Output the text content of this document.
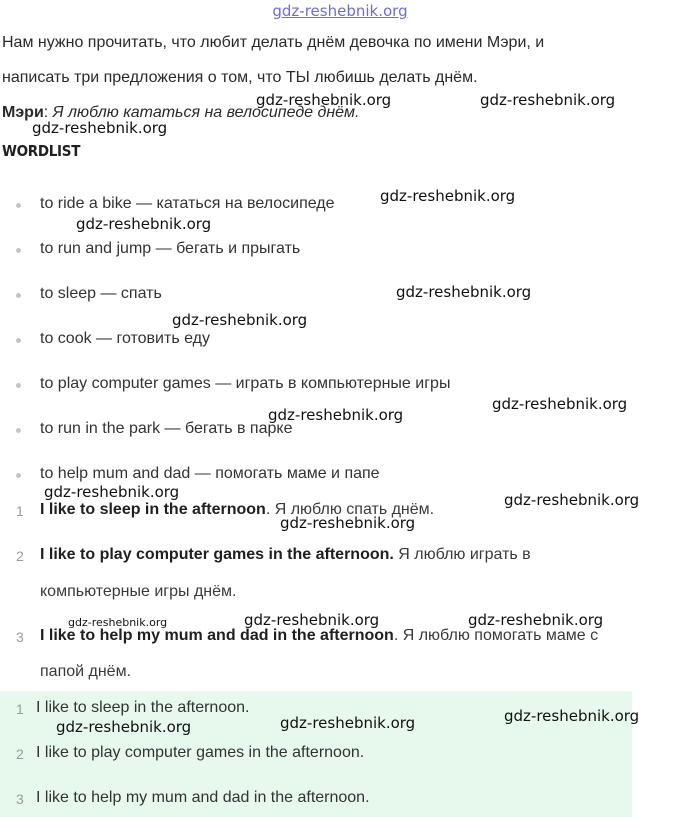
gdz-reshebnik.org
Нам нужно прочитать, что любит делать днём девочка по имени Мэри, и
написать три предложения о том, что ТЫ любишь делать днём.
Мэри: Я люблю кататься на велосипеде днём.
WORDLIST
to ride a bike — кататься на велосипеде
to run and jump — бегать и прыгать
to sleep — спать
to cook — готовить еду
to play computer games — играть в компьютерные игры
to run in the park — бегать в парке
to help mum and dad — помогать маме и папе
1 I like to sleep in the afternoon. Я люблю спать днём.
2 I like to play computer games in the afternoon. Я люблю играть в
компьютерные игры днём.
3 I like to help my mum and dad in the afternoon. Я люблю помогать маме с
папой днём.
1 I like to sleep in the afternoon.
2 I like to play computer games in the afternoon.
3 I like to help my mum and dad in the afternoon.
gdz-reshebnik.org	gdz-reshebnik.org
gdz-reshebnik.org
gdz-reshebnik.org
gdz-reshebnik.org
gdz-reshebnik.org
gdz-reshebnik.org
gdz-reshebnik.org
gdz-reshebnik.org
gdz-reshebnik.org	gdz-reshebnik.org
gdz-reshebnik.org
gdz-reshebnik.org	gdz-reshebnik.org	gdz-reshebnik.org
gdz-reshebnik.org
gdz-reshebnik.org	gdz-reshebnik.org
